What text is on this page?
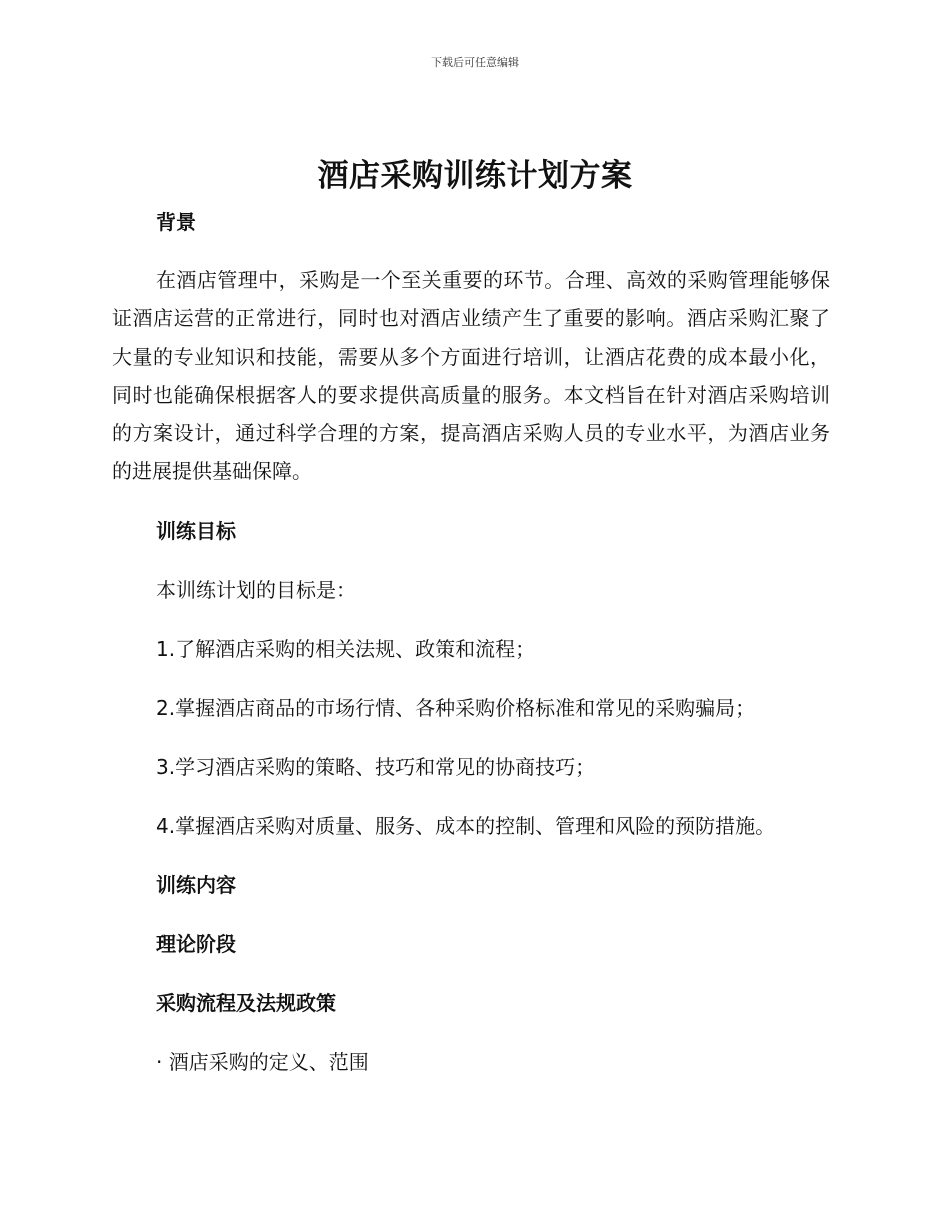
下载后可任意编辑
酒店采购训练计划方案

背景

在酒店管理中，采购是一个至关重要的环节。合理、高效的采购管理能够保证酒店运营的正常进行，同时也对酒店业绩产生了重要的影响。酒店采购汇聚了大量的专业知识和技能，需要从多个方面进行培训，让酒店花费的成本最小化，同时也能确保根据客人的要求提供高质量的服务。本文档旨在针对酒店采购培训的方案设计，通过科学合理的方案，提高酒店采购人员的专业水平，为酒店业务的进展提供基础保障。

训练目标

本训练计划的目标是：

1.了解酒店采购的相关法规、政策和流程；

2.掌握酒店商品的市场行情、各种采购价格标准和常见的采购骗局；

3.学习酒店采购的策略、技巧和常见的协商技巧；

4.掌握酒店采购对质量、服务、成本的控制、管理和风险的预防措施。

训练内容

理论阶段

采购流程及法规政策

· 酒店采购的定义、范围
